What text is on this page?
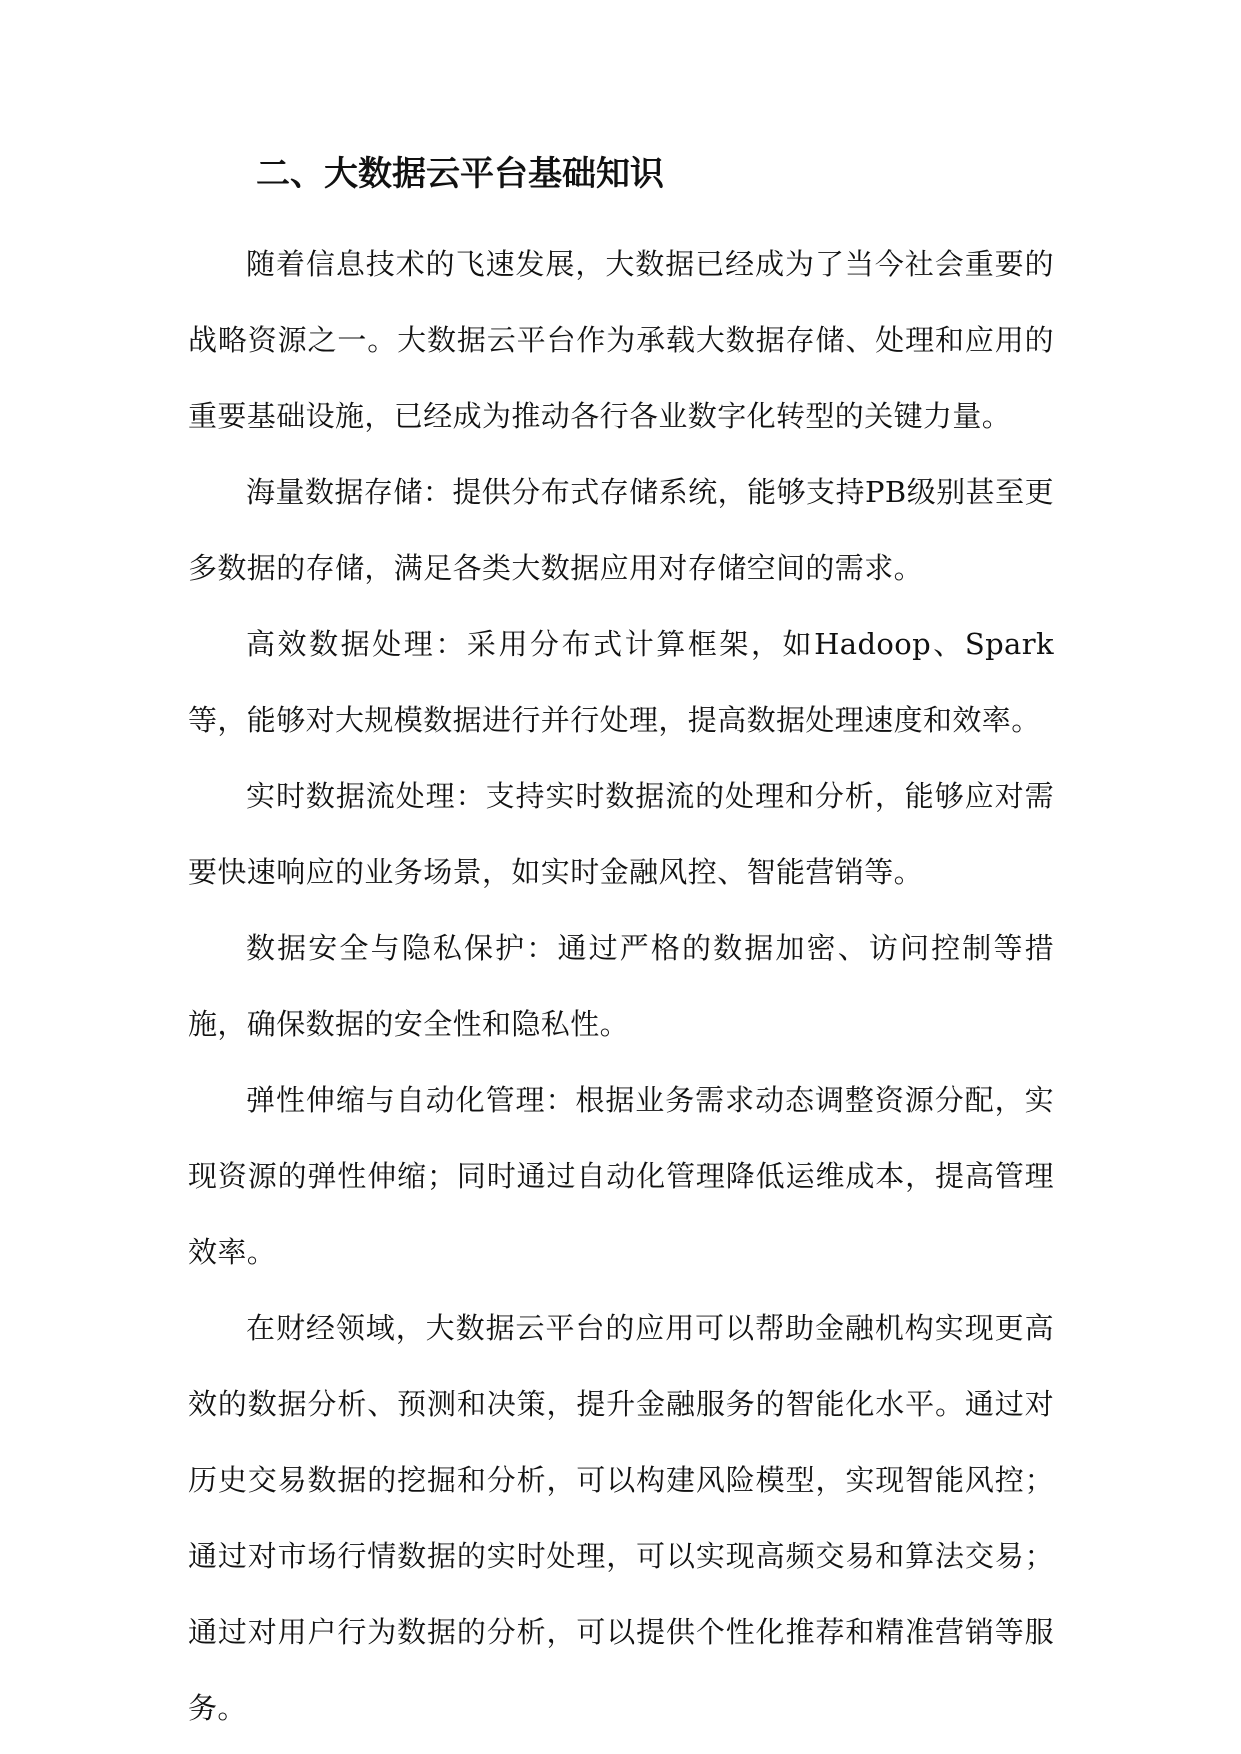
二、大数据云平台基础知识

随着信息技术的飞速发展，大数据已经成为了当今社会重要的战略资源之一。大数据云平台作为承载大数据存储、处理和应用的重要基础设施，已经成为推动各行各业数字化转型的关键力量。

海量数据存储：提供分布式存储系统，能够支持PB级别甚至更多数据的存储，满足各类大数据应用对存储空间的需求。

高效数据处理：采用分布式计算框架，如Hadoop、Spark等，能够对大规模数据进行并行处理，提高数据处理速度和效率。

实时数据流处理：支持实时数据流的处理和分析，能够应对需要快速响应的业务场景，如实时金融风控、智能营销等。

数据安全与隐私保护：通过严格的数据加密、访问控制等措施，确保数据的安全性和隐私性。

弹性伸缩与自动化管理：根据业务需求动态调整资源分配，实现资源的弹性伸缩；同时通过自动化管理降低运维成本，提高管理效率。

在财经领域，大数据云平台的应用可以帮助金融机构实现更高效的数据分析、预测和决策，提升金融服务的智能化水平。通过对历史交易数据的挖掘和分析，可以构建风险模型，实现智能风控；通过对市场行情数据的实时处理，可以实现高频交易和算法交易；通过对用户行为数据的分析，可以提供个性化推荐和精准营销等服务。
